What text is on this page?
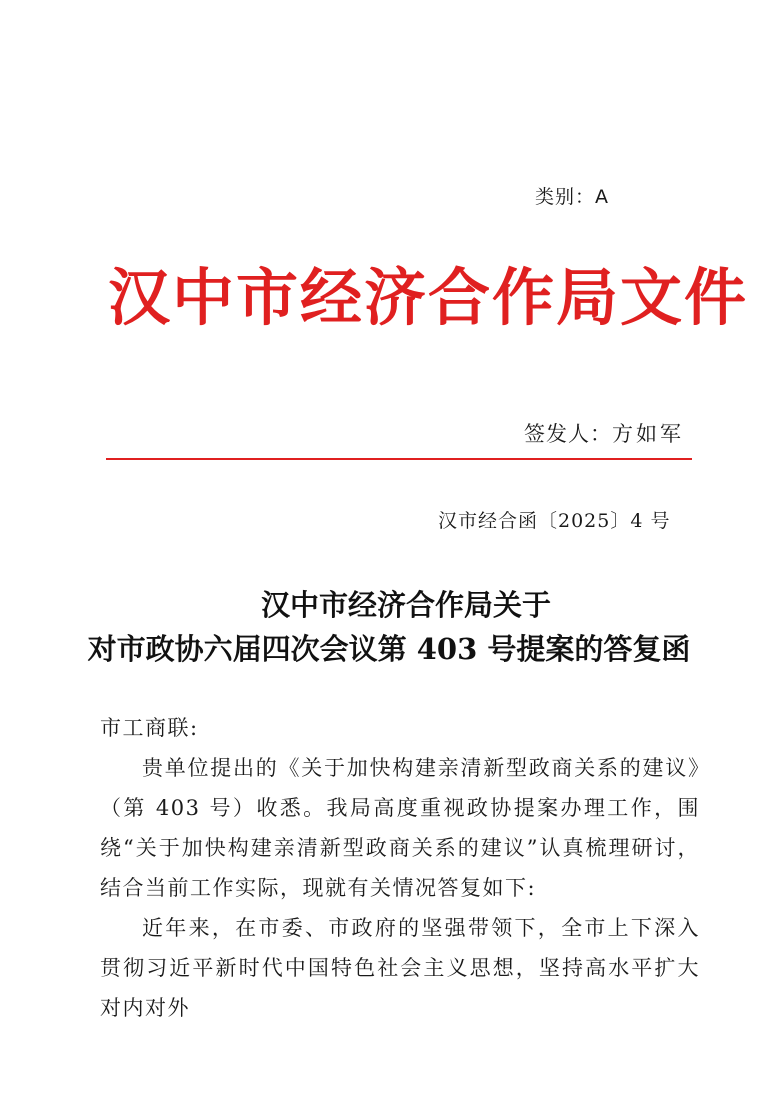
类别：A
汉中市经济合作局文件
签发人：方如军
汉市经合函〔2025〕4 号
汉中市经济合作局关于
对市政协六届四次会议第 403 号提案的答复函

市工商联:

贵单位提出的《关于加快构建亲清新型政商关系的建议》（第 403 号）收悉。我局高度重视政协提案办理工作，围绕“关于加快构建亲清新型政商关系的建议”认真梳理研讨，结合当前工作实际，现就有关情况答复如下:

近年来，在市委、市政府的坚强带领下，全市上下深入贯彻习近平新时代中国特色社会主义思想，坚持高水平扩大对内对外
